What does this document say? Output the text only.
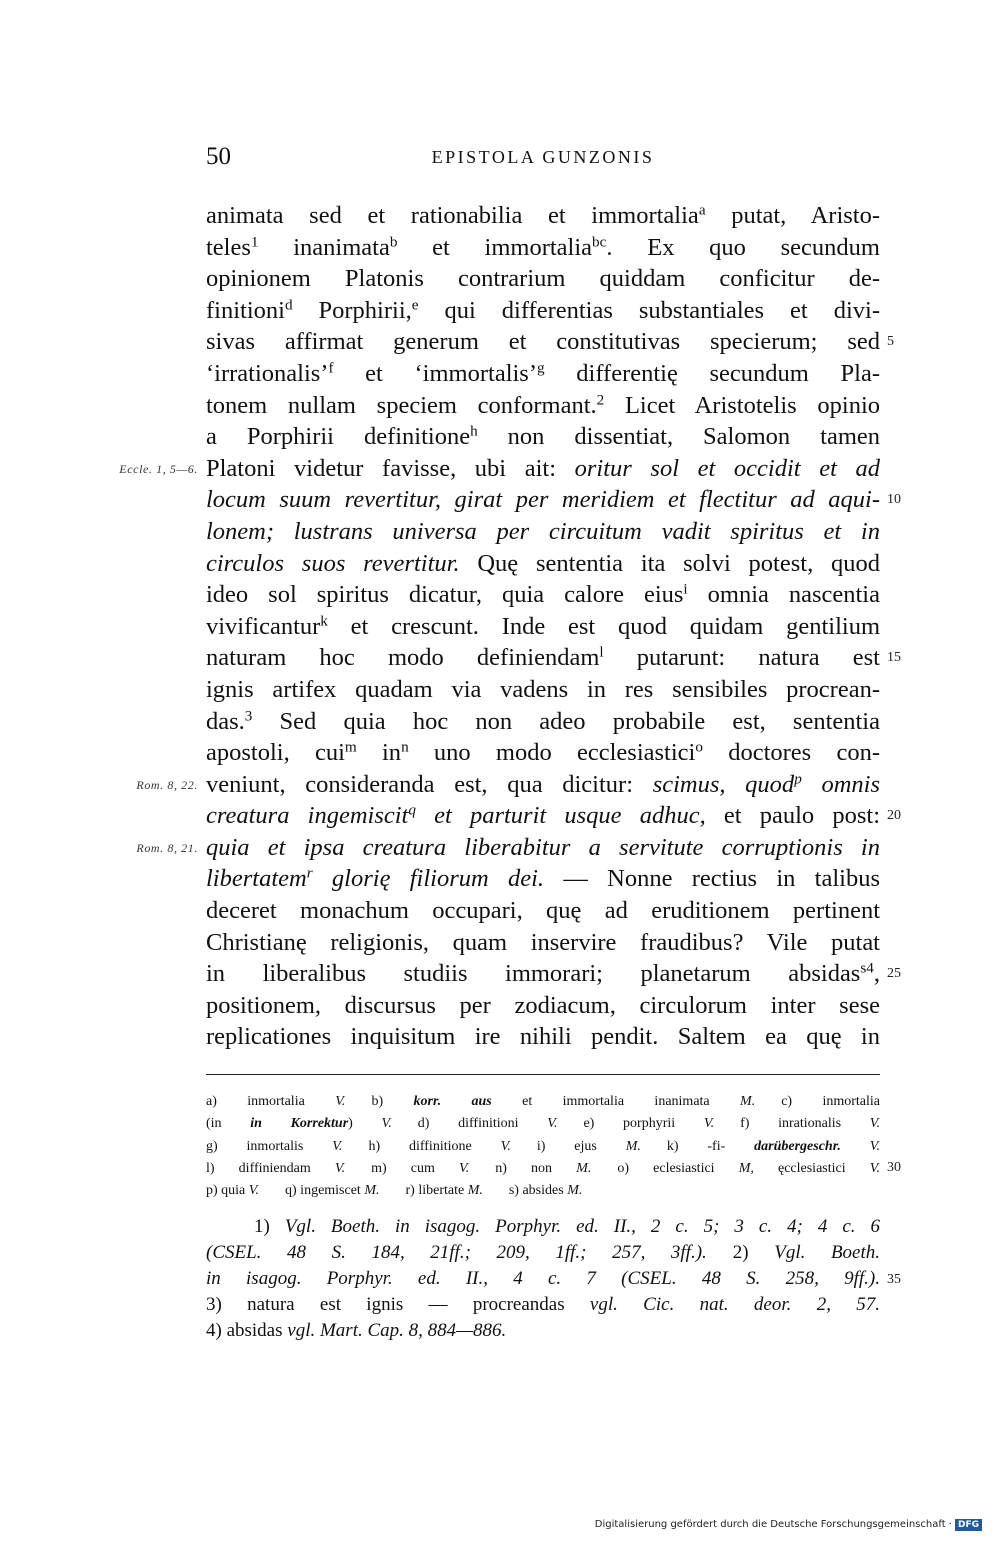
50	EPISTOLA GUNZONIS
animata sed et rationabilia et immortalia$^a$ putat, Aristo-
teles$^1$ inanimata$^b$ et immortalia$^{bc}$. Ex quo secundum
opinionem Platonis contrarium quiddam conficitur de-
finitioni$^d$ Porphirii,$^e$ qui differentias substantiales et divi-
sivas affirmat generum et constitutivas specierum; sed
‘irrationalis’$^f$ et ‘immortalis’$^g$ differentię secundum Pla-
tonem nullam speciem conformant.$^2$ Licet Aristotelis opinio
a Porphirii definitione$^h$ non dissentiat, Salomon tamen
Platoni videtur favisse, ubi ait: oritur sol et occidit et ad
locum suum revertitur, girat per meridiem et flectitur ad aqui-
lonem; lustrans universa per circuitum vadit spiritus et in
circulos suos revertitur. Quę sententia ita solvi potest, quod
ideo sol spiritus dicatur, quia calore eius$^i$ omnia nascentia
vivificantur$^k$ et crescunt. Inde est quod quidam gentilium
naturam hoc modo definiendam$^l$ putarunt: natura est
ignis artifex quadam via vadens in res sensibiles procrean-
das.$^3$ Sed quia hoc non adeo probabile est, sententia
apostoli, cui$^m$ $in^n$ uno modo ecclesiastici$^o$ doctores con-
veniunt, consideranda est, qua dicitur: scimus, quod$^p$ omnis
creatura ingemiscit$^q$ et parturit usque adhuc, et paulo post:
quia et ipsa creatura liberabitur a servitute corruptionis in
libertatem$^r$ glorię filiorum dei. — Nonne rectius in talibus
deceret monachum occupari, quę ad eruditionem pertinent
Christianę religionis, quam inservire fraudibus? Vile putat
in liberalibus studiis immorari; planetarum absidas$^{s4}$,
positionem, discursus per zodiacum, circulorum inter sese
replicationes inquisitum ire nihili pendit. Saltem ea quę in
Eccle. 1, 5—6.
Rom. 8, 22.
Rom. 8, 21.
5
10
15
20
25
30
35
a) inmortalia V. b) korr. aus et immortalia inanimata M. c) inmortalia
(in in Korrektur) V. d) diffinitioni V. e) porphyrii V. f) inrationalis V.
g) inmortalis V. h) diffinitione V. i) ejus M. k) -fi- darübergeschr. V.
l) diffiniendam V. m) cum V. n) non M. o) eclesiastici M, ęcclesiastici V.
p) quia V. q) ingemiscet M. r) libertate M. s) absides M.
1) Vgl. Boeth. in isagog. Porphyr. ed. II., 2 c. 5; 3 c. 4; 4 c. 6
(CSEL. 48 S. 184, 21ff.; 209, 1ff.; 257, 3ff.). 2) Vgl. Boeth.
in isagog. Porphyr. ed. II., 4 c. 7 (CSEL. 48 S. 258, 9ff.).
3) natura est ignis — procreandas vgl. Cic. nat. deor. 2, 57.
4) absidas vgl. Mart. Cap. 8, 884—886.
Digitalisierung gefördert durch die Deutsche Forschungsgemeinschaft · DFG
